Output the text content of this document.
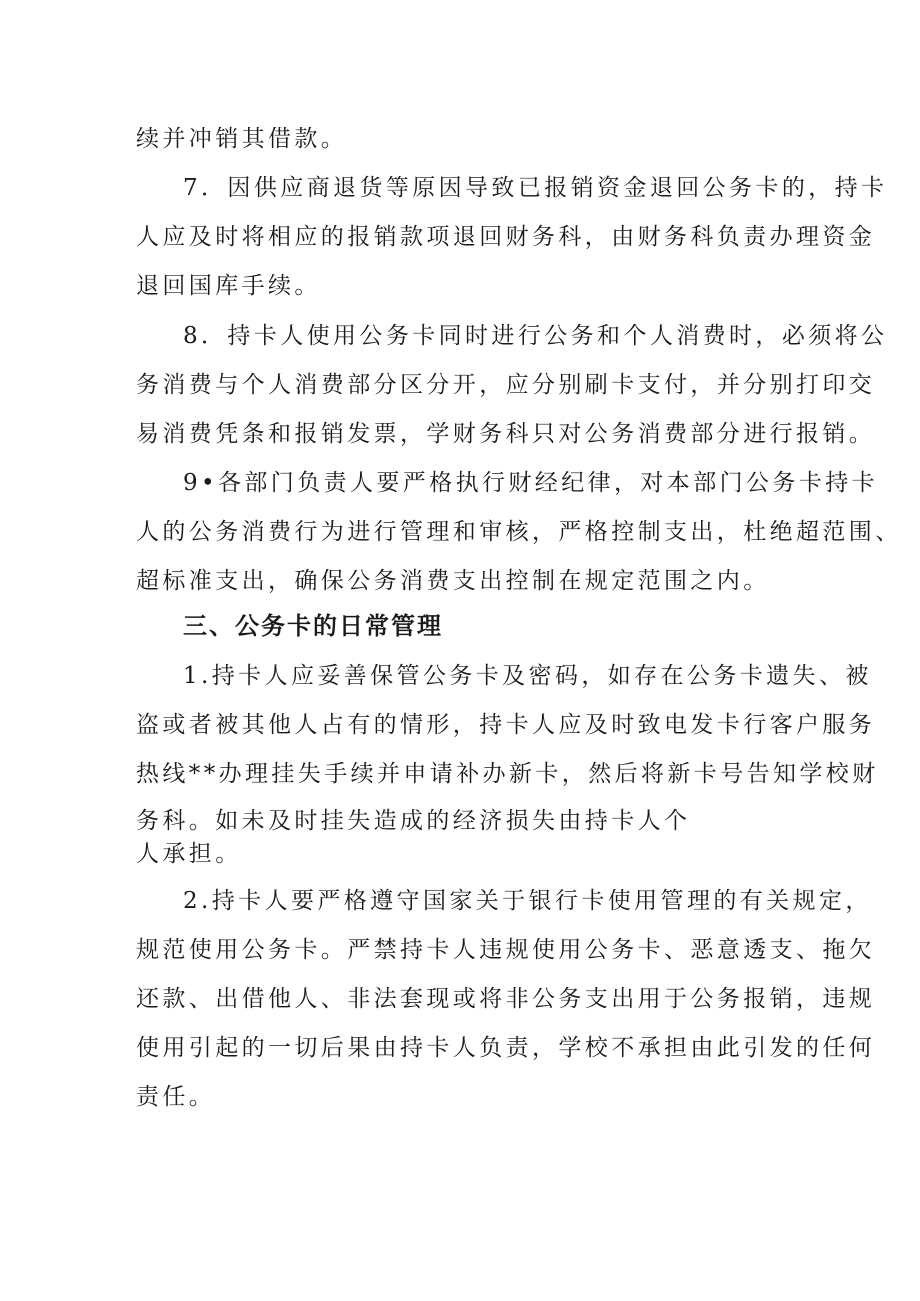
续并冲销其借款。
7．因供应商退货等原因导致已报销资金退回公务卡的，持卡
人应及时将相应的报销款项退回财务科，由财务科负责办理资金
退回国库手续。
8．持卡人使用公务卡同时进行公务和个人消费时，必须将公
务消费与个人消费部分区分开，应分别刷卡支付，并分别打印交
易消费凭条和报销发票，学财务科只对公务消费部分进行报销。
9•各部门负责人要严格执行财经纪律，对本部门公务卡持卡
人的公务消费行为进行管理和审核，严格控制支出，杜绝超范围、
超标准支出，确保公务消费支出控制在规定范围之内。
三、公务卡的日常管理
1.持卡人应妥善保管公务卡及密码，如存在公务卡遗失、被
盗或者被其他人占有的情形，持卡人应及时致电发卡行客户服务
热线**办理挂失手续并申请补办新卡，然后将新卡号告知学校财
务科。如未及时挂失造成的经济损失由持卡人个
人承担。
2.持卡人要严格遵守国家关于银行卡使用管理的有关规定，
规范使用公务卡。严禁持卡人违规使用公务卡、恶意透支、拖欠
还款、出借他人、非法套现或将非公务支出用于公务报销，违规
使用引起的一切后果由持卡人负责，学校不承担由此引发的任何
责任。
